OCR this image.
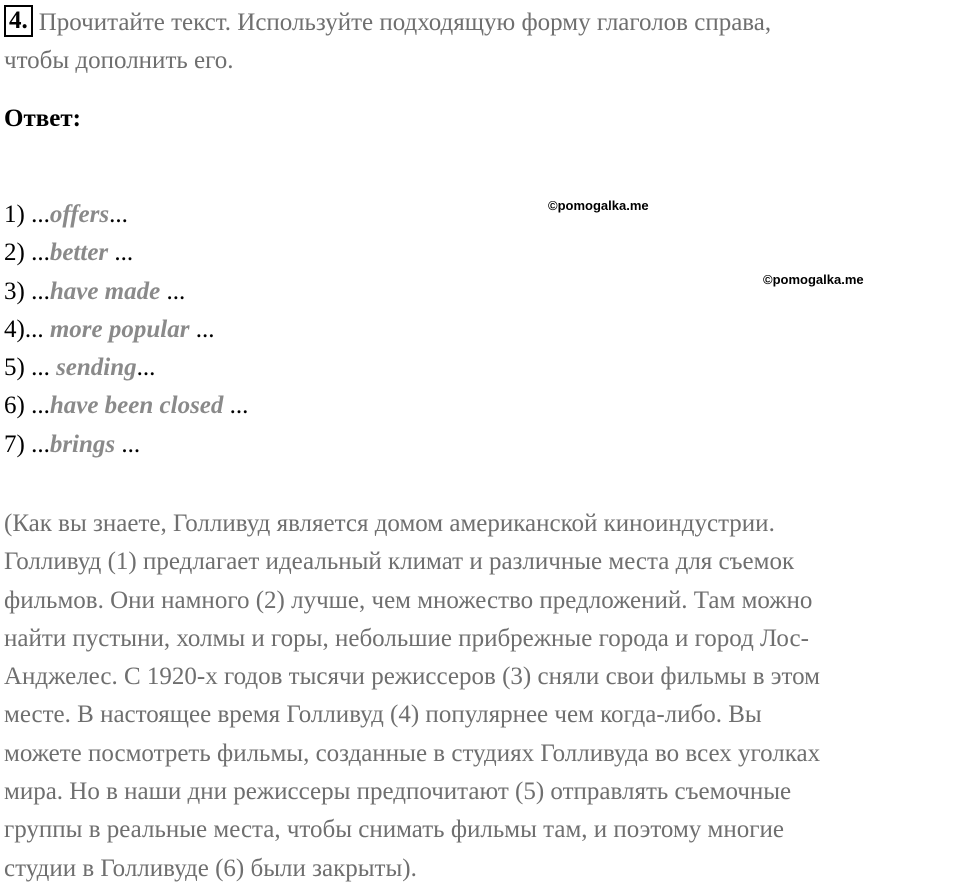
4. Прочитайте текст. Используйте подходящую форму глаголов справа,
чтобы дополнить его.
Ответ:
©pomogalka.me
©pomogalka.me
1) ...offers...
2) ...better ...
3) ...have made ...
4)... more popular ...
5) ... sending...
6) ...have been closed ...
7) ...brings ...

(Как вы знаете, Голливуд является домом американской киноиндустрии.
Голливуд (1) предлагает идеальный климат и различные места для съемок
фильмов. Они намного (2) лучше, чем множество предложений. Там можно
найти пустыни, холмы и горы, небольшие прибрежные города и город Лос-
Анджелес. С 1920-х годов тысячи режиссеров (3) сняли свои фильмы в этом
месте. В настоящее время Голливуд (4) популярнее чем когда-либо. Вы
можете посмотреть фильмы, созданные в студиях Голливуда во всех уголках
мира. Но в наши дни режиссеры предпочитают (5) отправлять съемочные
группы в реальные места, чтобы снимать фильмы там, и поэтому многие
студии в Голливуде (6) были закрыты).
